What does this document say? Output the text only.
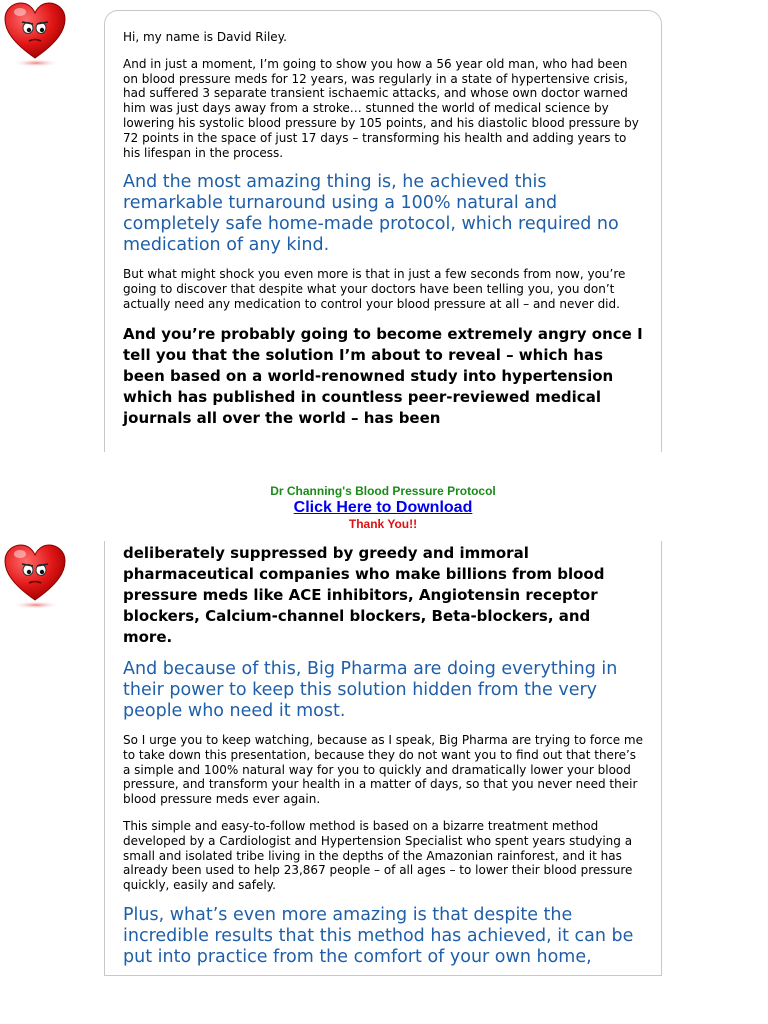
Hi, my name is David Riley.

And in just a moment, I’m going to show you how a 56 year old man, who had been on blood pressure meds for 12 years, was regularly in a state of hypertensive crisis, had suffered 3 separate transient ischaemic attacks, and whose own doctor warned him was just days away from a stroke… stunned the world of medical science by lowering his systolic blood pressure by 105 points, and his diastolic blood pressure by 72 points in the space of just 17 days – transforming his health and adding years to his lifespan in the process.

And the most amazing thing is, he achieved this remarkable turnaround using a 100% natural and completely safe home-made protocol, which required no medication of any kind.

But what might shock you even more is that in just a few seconds from now, you’re going to discover that despite what your doctors have been telling you, you don’t actually need any medication to control your blood pressure at all – and never did.

And you’re probably going to become extremely angry once I tell you that the solution I’m about to reveal – which has been based on a world-renowned study into hypertension which has published in countless peer-reviewed medical journals all over the world – has been

Dr Channing's Blood Pressure Protocol
Click Here to Download
Thank You!!

deliberately suppressed by greedy and immoral pharmaceutical companies who make billions from blood pressure meds like ACE inhibitors, Angiotensin receptor blockers, Calcium-channel blockers, Beta-blockers, and more.

And because of this, Big Pharma are doing everything in their power to keep this solution hidden from the very people who need it most.

So I urge you to keep watching, because as I speak, Big Pharma are trying to force me to take down this presentation, because they do not want you to find out that there’s a simple and 100% natural way for you to quickly and dramatically lower your blood pressure, and transform your health in a matter of days, so that you never need their blood pressure meds ever again.

This simple and easy-to-follow method is based on a bizarre treatment method developed by a Cardiologist and Hypertension Specialist who spent years studying a small and isolated tribe living in the depths of the Amazonian rainforest, and it has already been used to help 23,867 people – of all ages – to lower their blood pressure quickly, easily and safely.

Plus, what’s even more amazing is that despite the incredible results that this method has achieved, it can be put into practice from the comfort of your own home,
